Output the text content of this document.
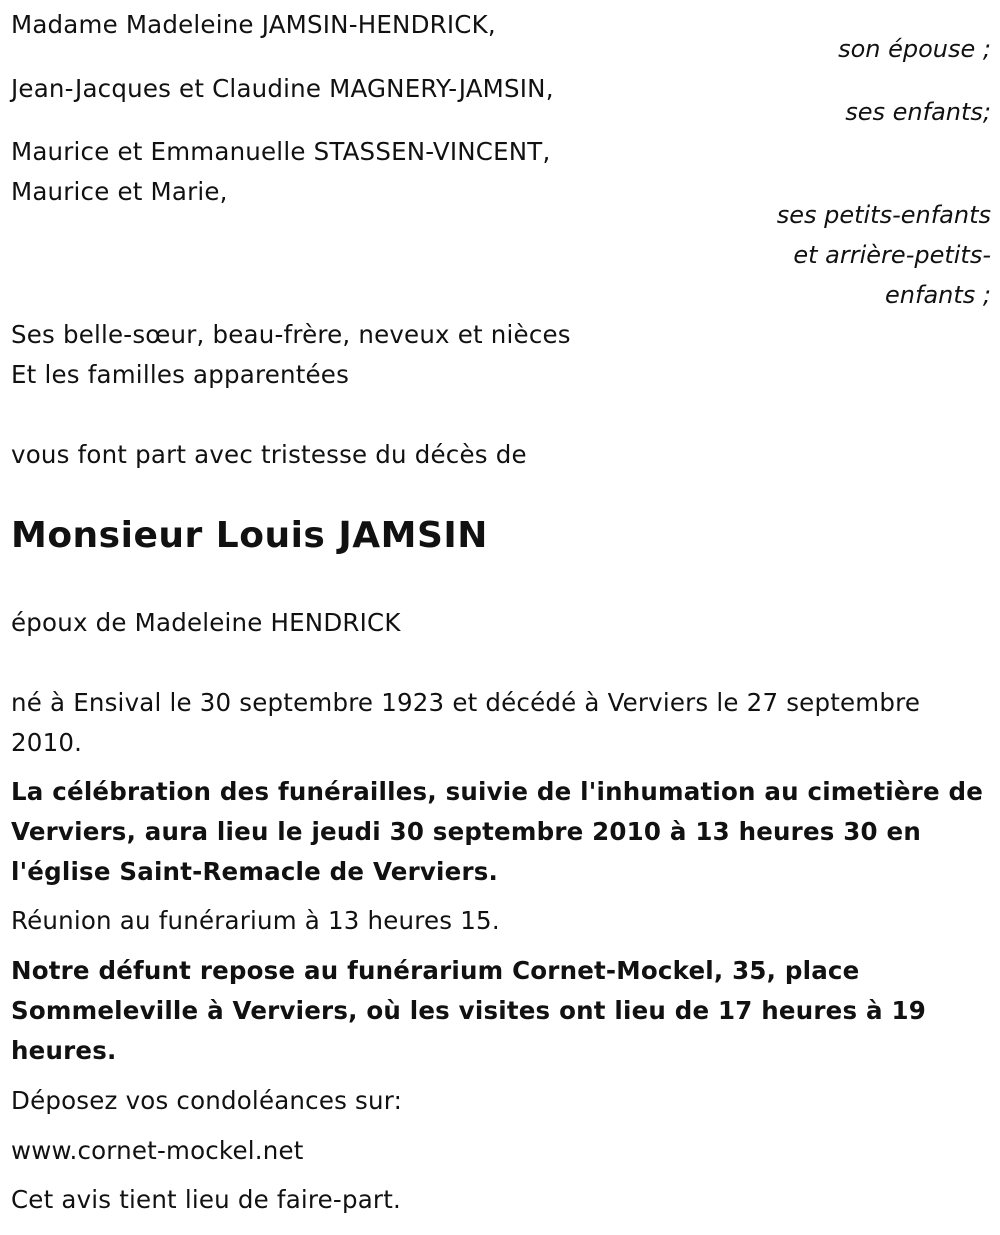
Madame Madeleine JAMSIN-HENDRICK,
son épouse ;
Jean-Jacques et Claudine MAGNERY-JAMSIN,
ses enfants;
Maurice et Emmanuelle STASSEN-VINCENT,
Maurice et Marie,
ses petits-enfants
et arrière-petits-
enfants ;
Ses belle-sœur, beau-frère, neveux et nièces
Et les familles apparentées
vous font part avec tristesse du décès de
Monsieur Louis JAMSIN
époux de Madeleine HENDRICK
né à Ensival le 30 septembre 1923 et décédé à Verviers le 27 septembre 2010.
La célébration des funérailles, suivie de l'inhumation au cimetière de Verviers, aura lieu le jeudi 30 septembre 2010 à 13 heures 30 en l'église Saint-Remacle de Verviers.
Réunion au funérarium à 13 heures 15.
Notre défunt repose au funérarium Cornet-Mockel, 35, place Sommeleville à Verviers, où les visites ont lieu de 17 heures à 19 heures.
Déposez vos condoléances sur:
www.cornet-mockel.net
Cet avis tient lieu de faire-part.
